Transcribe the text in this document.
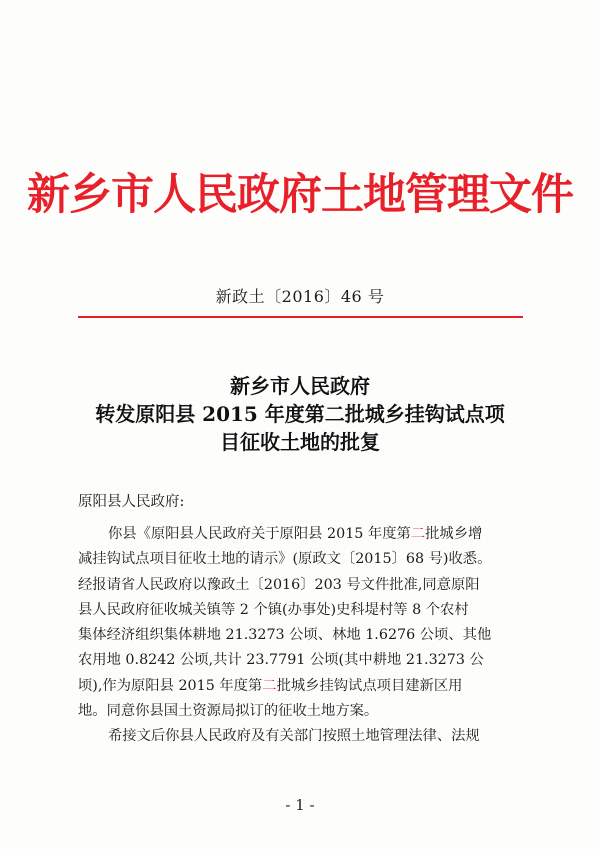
新乡市人民政府土地管理文件
新政土〔2016〕46 号
新乡市人民政府
转发原阳县 2015 年度第二批城乡挂钩试点项
目征收土地的批复
原阳县人民政府:
你县《原阳县人民政府关于原阳县 2015 年度第二批城乡增
减挂钩试点项目征收土地的请示》(原政文〔2015〕68 号)收悉。
经报请省人民政府以豫政土〔2016〕203 号文件批准,同意原阳
县人民政府征收城关镇等 2 个镇(办事处)史科堤村等 8 个农村
集体经济组织集体耕地 21.3273 公顷、林地 1.6276 公顷、其他
农用地 0.8242 公顷,共计 23.7791 公顷(其中耕地 21.3273 公
顷),作为原阳县 2015 年度第二批城乡挂钩试点项目建新区用
地。同意你县国土资源局拟订的征收土地方案。
希接文后你县人民政府及有关部门按照土地管理法律、法规
- 1 -
